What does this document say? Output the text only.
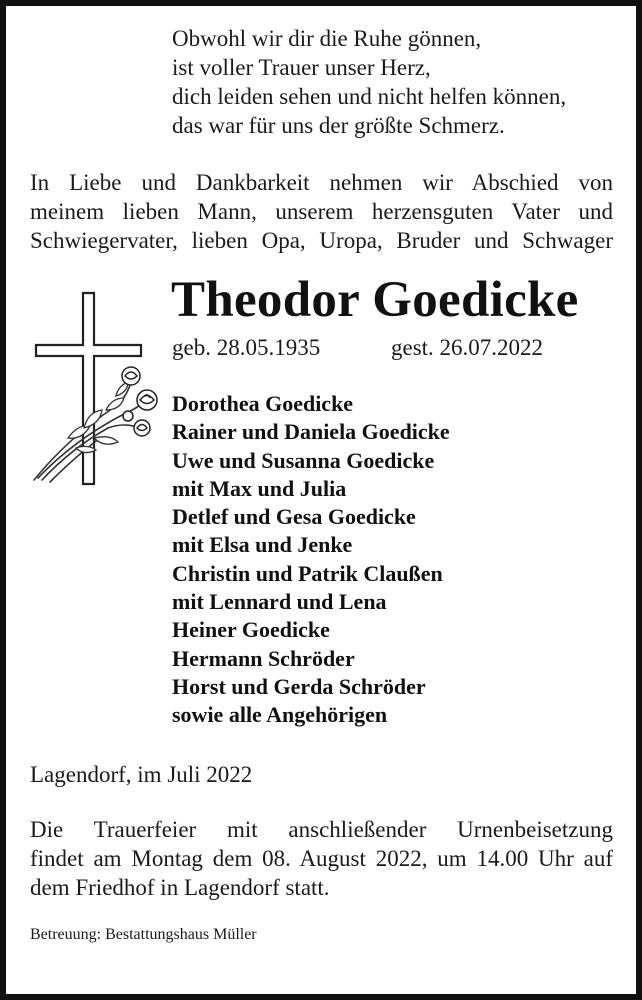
Obwohl wir dir die Ruhe gönnen,
ist voller Trauer unser Herz,
dich leiden sehen und nicht helfen können,
das war für uns der größte Schmerz.
In Liebe und Dankbarkeit nehmen wir Abschied von
meinem lieben Mann, unserem herzensguten Vater und
Schwiegervater, lieben Opa, Uropa, Bruder und Schwager
Theodor Goedicke
geb. 28.05.1935	gest. 26.07.2022
Dorothea Goedicke
Rainer und Daniela Goedicke
Uwe und Susanna Goedicke
mit Max und Julia
Detlef und Gesa Goedicke
mit Elsa und Jenke
Christin und Patrik Claußen
mit Lennard und Lena
Heiner Goedicke
Hermann Schröder
Horst und Gerda Schröder
sowie alle Angehörigen
Lagendorf, im Juli 2022
Die Trauerfeier mit anschließender Urnenbeisetzung
findet am Montag dem 08. August 2022, um 14.00 Uhr auf
dem Friedhof in Lagendorf statt.
Betreuung: Bestattungshaus Müller
